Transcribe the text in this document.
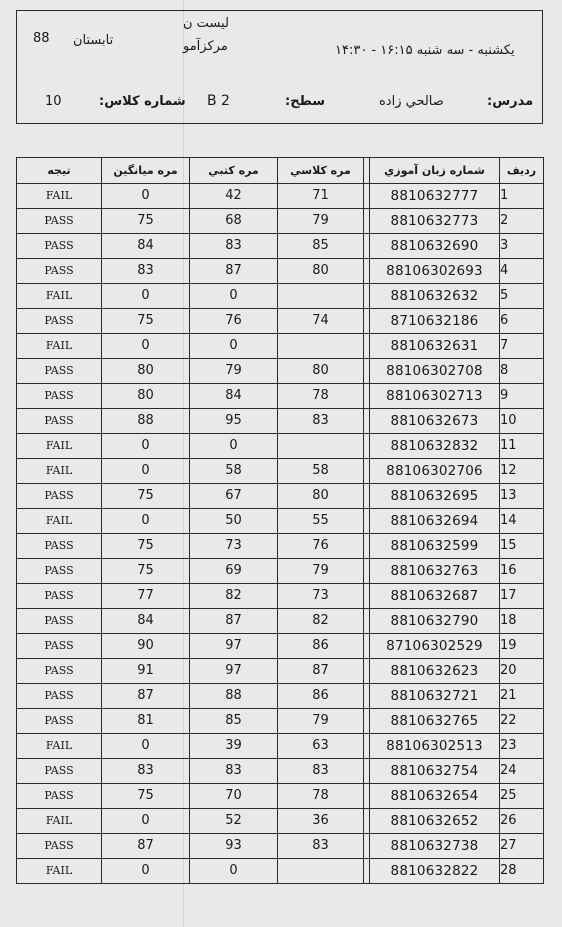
88 تابستان
لیست ن
مرکزآمو	یکشنبه - سه شنبه ۱۶:۱۵ - ۱۴:۳۰
10	شماره کلاس: B 2	سطح:	صالحي زاده	مدرس:
ردیف	شماره زبان آموزي		مره كلاسي	مره كتبي	مره میانگین	تیجه
1	8810632777		71	42	0	FAIL
2	8810632773		79	68	75	PASS
3	8810632690		85	83	84	PASS
4	88106302693		80	87	83	PASS
5	8810632632			0	0	FAIL
6	8710632186		74	76	75	PASS
7	8810632631			0	0	FAIL
8	88106302708		80	79	80	PASS
9	88106302713		78	84	80	PASS
10	8810632673		83	95	88	PASS
11	8810632832			0	0	FAIL
12	88106302706		58	58	0	FAIL
13	8810632695		80	67	75	PASS
14	8810632694		55	50	0	FAIL
15	8810632599		76	73	75	PASS
16	8810632763		79	69	75	PASS
17	8810632687		73	82	77	PASS
18	8810632790		82	87	84	PASS
19	87106302529		86	97	90	PASS
20	8810632623		87	97	91	PASS
21	8810632721		86	88	87	PASS
22	8810632765		79	85	81	PASS
23	88106302513		63	39	0	FAIL
24	8810632754		83	83	83	PASS
25	8810632654		78	70	75	PASS
26	8810632652		36	52	0	FAIL
27	8810632738		83	93	87	PASS
28	8810632822			0	0	FAIL
